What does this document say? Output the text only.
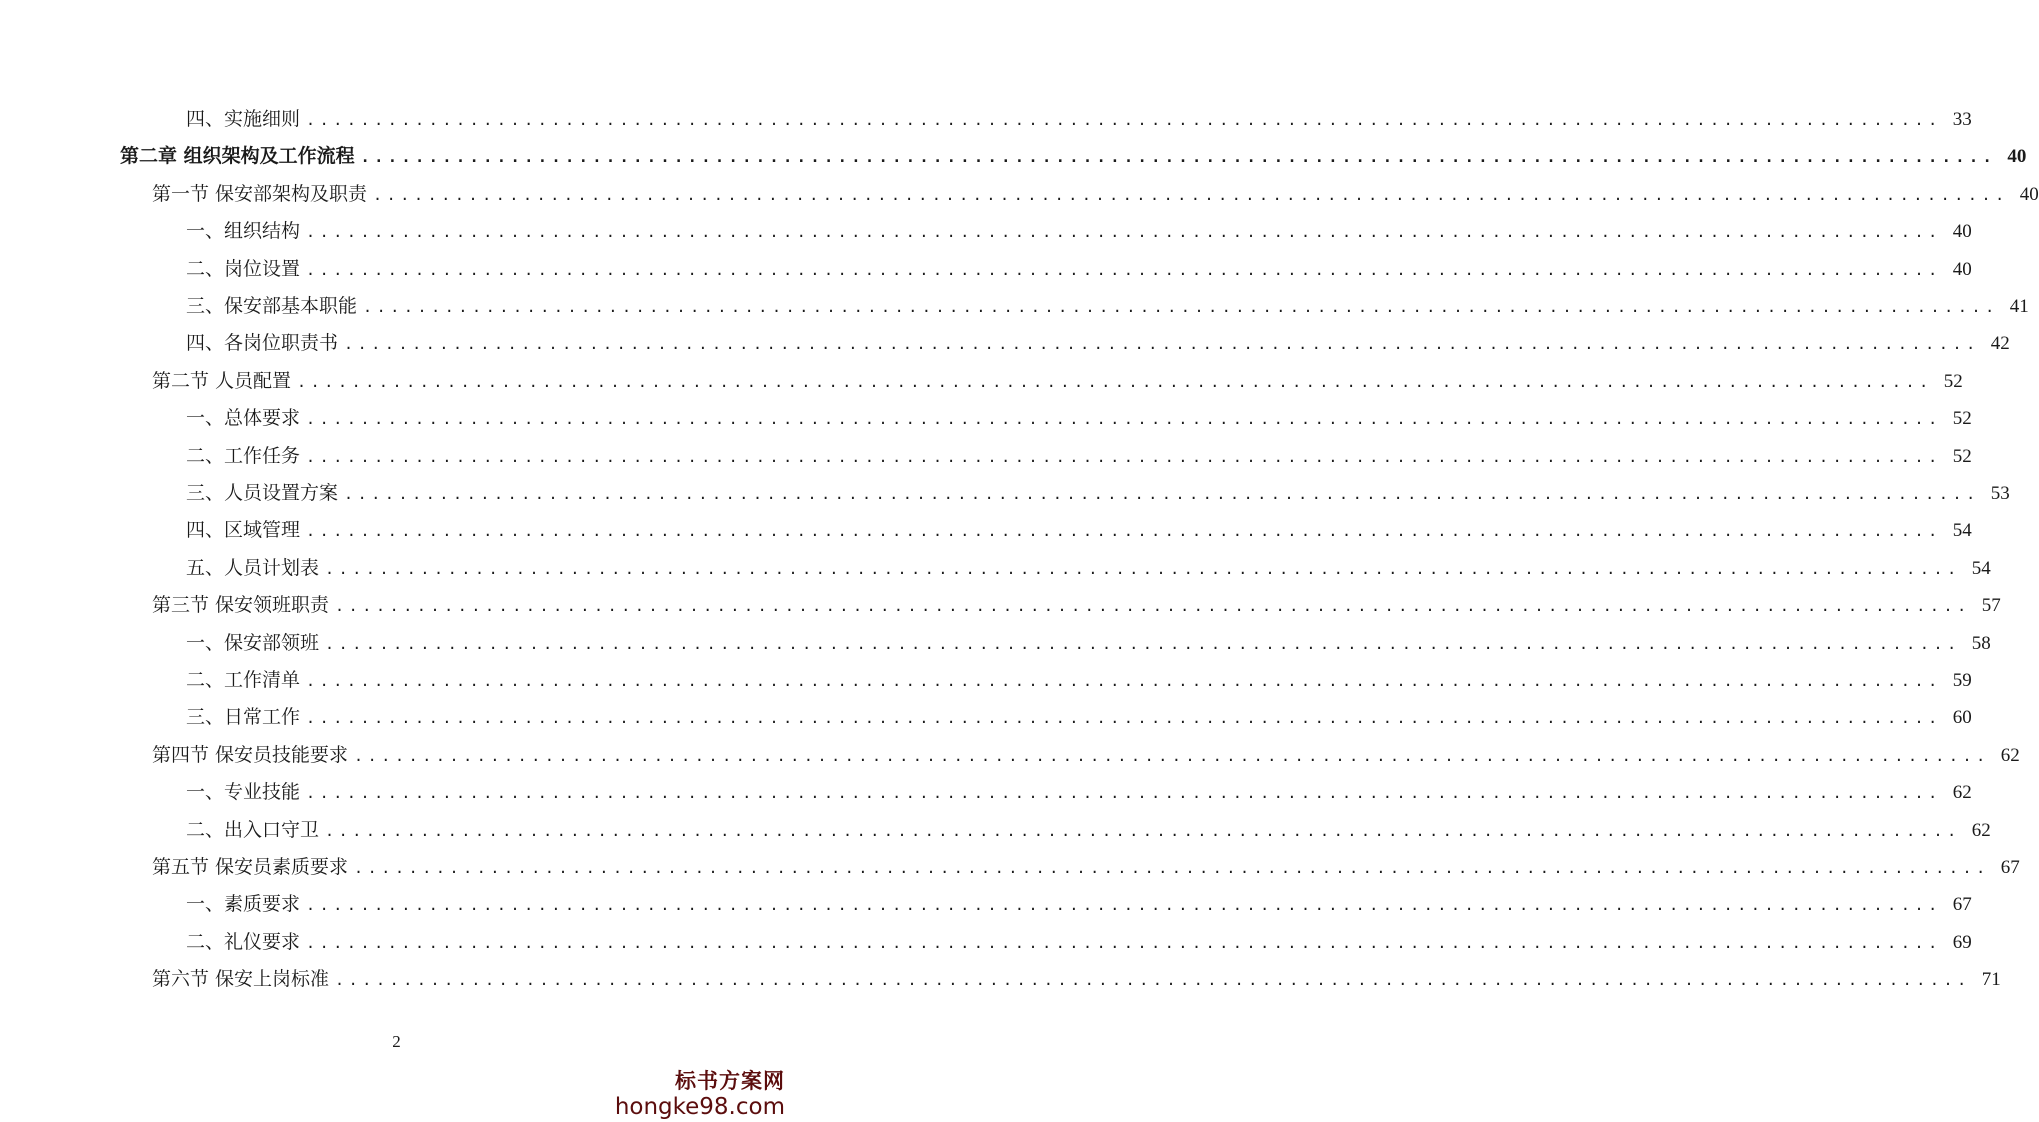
四、实施细则 ........................................................................................................................ 33
第二章 组织架构及工作流程 ........................................................................................................................ 40
第一节 保安部架构及职责 ........................................................................................................................ 40
一、组织结构 ........................................................................................................................ 40
二、岗位设置 ........................................................................................................................ 40
三、保安部基本职能 ........................................................................................................................ 41
四、各岗位职责书 ........................................................................................................................ 42
第二节 人员配置 ........................................................................................................................ 52
一、总体要求 ........................................................................................................................ 52
二、工作任务 ........................................................................................................................ 52
三、人员设置方案 ........................................................................................................................ 53
四、区域管理 ........................................................................................................................ 54
五、人员计划表 ........................................................................................................................ 54
第三节 保安领班职责 ........................................................................................................................ 57
一、保安部领班 ........................................................................................................................ 58
二、工作清单 ........................................................................................................................ 59
三、日常工作 ........................................................................................................................ 60
第四节 保安员技能要求 ........................................................................................................................ 62
一、专业技能 ........................................................................................................................ 62
二、出入口守卫 ........................................................................................................................ 62
第五节 保安员素质要求 ........................................................................................................................ 67
一、素质要求 ........................................................................................................................ 67
二、礼仪要求 ........................................................................................................................ 69
第六节 保安上岗标准 ........................................................................................................................ 71
2
标书方案网
hongke98.com
